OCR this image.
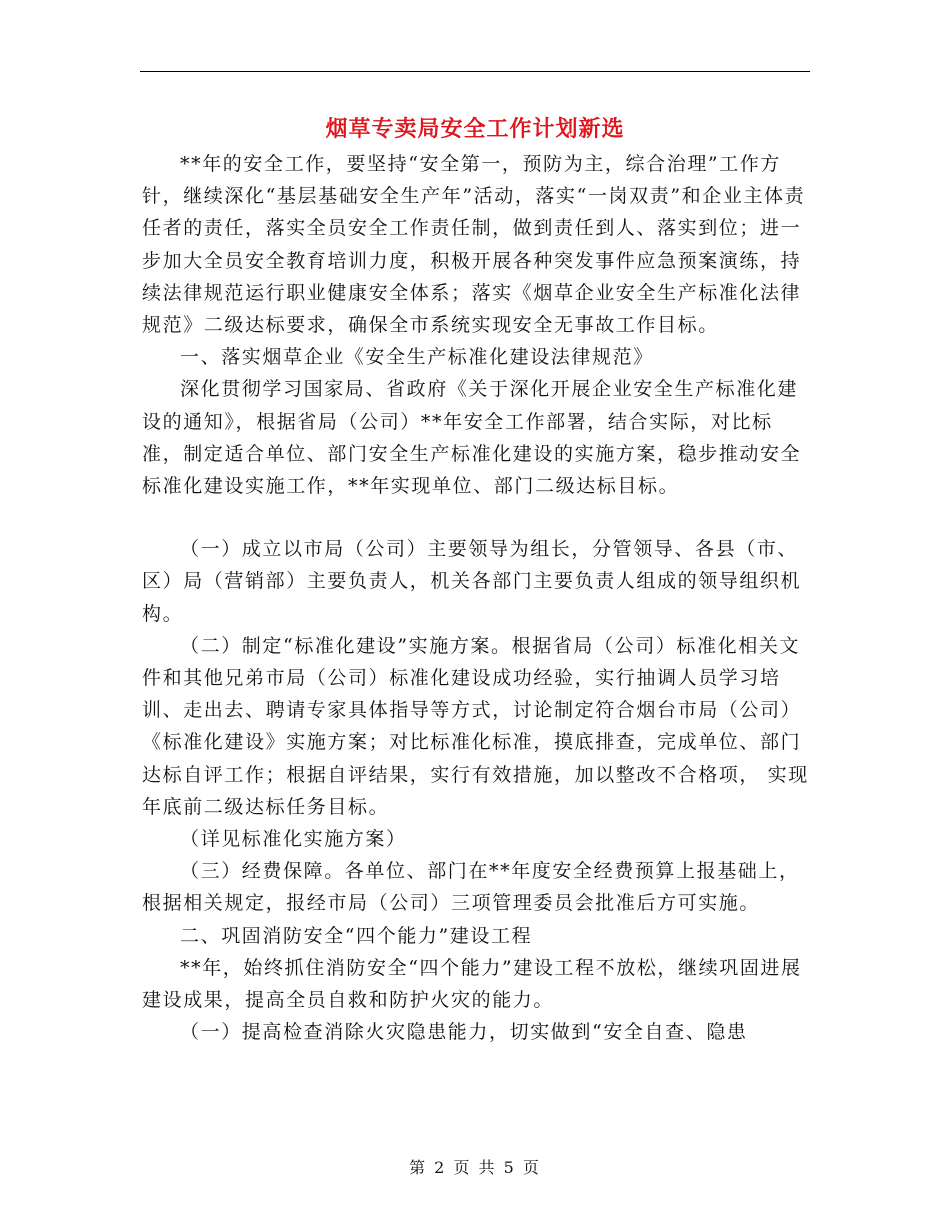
烟草专卖局安全工作计划新选

**年的安全工作，要坚持“安全第一，预防为主，综合治理”工作方针，继续深化“基层基础安全生产年”活动，落实“一岗双责”和企业主体责任者的责任，落实全员安全工作责任制，做到责任到人、落实到位；进一步加大全员安全教育培训力度，积极开展各种突发事件应急预案演练，持续法律规范运行职业健康安全体系；落实《烟草企业安全生产标准化法律规范》二级达标要求，确保全市系统实现安全无事故工作目标。

一、落实烟草企业《安全生产标准化建设法律规范》

深化贯彻学习国家局、省政府《关于深化开展企业安全生产标准化建设的通知》，根据省局（公司）**年安全工作部署，结合实际，对比标准，制定适合单位、部门安全生产标准化建设的实施方案，稳步推动安全标准化建设实施工作，**年实现单位、部门二级达标目标。

（一）成立以市局（公司）主要领导为组长，分管领导、各县（市、区）局（营销部）主要负责人，机关各部门主要负责人组成的领导组织机构。

（二）制定“标准化建设”实施方案。根据省局（公司）标准化相关文件和其他兄弟市局（公司）标准化建设成功经验，实行抽调人员学习培训、走出去、聘请专家具体指导等方式，讨论制定符合烟台市局（公司）《标准化建设》实施方案；对比标准化标准，摸底排查，完成单位、部门达标自评工作；根据自评结果，实行有效措施，加以整改不合格项， 实现年底前二级达标任务目标。

（详见标准化实施方案）

（三）经费保障。各单位、部门在**年度安全经费预算上报基础上，根据相关规定，报经市局（公司）三项管理委员会批准后方可实施。

二、巩固消防安全“四个能力”建设工程

**年，始终抓住消防安全“四个能力”建设工程不放松，继续巩固进展建设成果，提高全员自救和防护火灾的能力。

（一）提高检查消除火灾隐患能力，切实做到“安全自查、隐患

第 2 页 共 5 页
